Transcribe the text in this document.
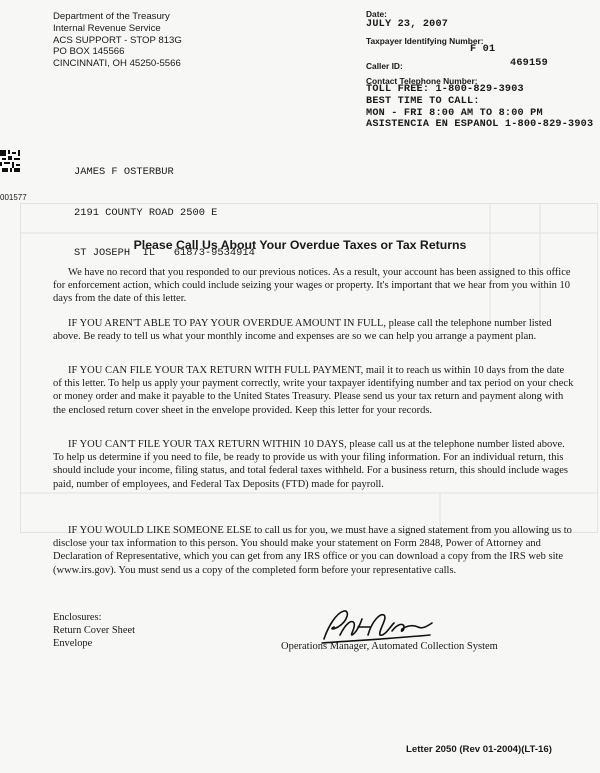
Department of the Treasury
Internal Revenue Service
ACS SUPPORT - STOP 813G
PO BOX 145566
CINCINNATI, OH 45250-5566
Date:
JULY 23, 2007
Taxpayer Identifying Number:
F 01
Caller ID:	469159
Contact Telephone Number:
TOLL FREE: 1-800-829-3903
BEST TIME TO CALL:
MON - FRI 8:00 AM TO 8:00 PM
ASISTENCIA EN ESPANOL 1-800-829-3903
001577

JAMES F OSTERBUR

2191 COUNTY ROAD 2500 E

ST JOSEPH  IL   61873-9534914

Please Call Us About Your Overdue Taxes or Tax Returns

We have no record that you responded to our previous notices. As a result, your account has been assigned to this office for enforcement action, which could include seizing your wages or property. It's important that we hear from you within 10 days from the date of this letter.

IF YOU AREN'T ABLE TO PAY YOUR OVERDUE AMOUNT IN FULL, please call the telephone number listed above. Be ready to tell us what your monthly income and expenses are so we can help you arrange a payment plan.

IF YOU CAN FILE YOUR TAX RETURN WITH FULL PAYMENT, mail it to reach us within 10 days from the date of this letter. To help us apply your payment correctly, write your taxpayer identifying number and tax period on your check or money order and make it payable to the United States Treasury. Please send us your tax return and payment along with the enclosed return cover sheet in the envelope provided. Keep this letter for your records.

IF YOU CAN'T FILE YOUR TAX RETURN WITHIN 10 DAYS, please call us at the telephone number listed above. To help us determine if you need to file, be ready to provide us with your filing information. For an individual return, this should include your income, filing status, and total federal taxes withheld. For a business return, this should include wages paid, number of employees, and Federal Tax Deposits (FTD) made for payroll.

IF YOU WOULD LIKE SOMEONE ELSE to call us for you, we must have a signed statement from you allowing us to disclose your tax information to this person. You should make your statement on Form 2848, Power of Attorney and Declaration of Representative, which you can get from any IRS office or you can download a copy from the IRS web site (www.irs.gov). You must send us a copy of the completed form before your representative calls.

Enclosures:
Return Cover Sheet
Envelope	Operations Manager, Automated Collection System
Letter 2050 (Rev 01-2004)(LT-16)
